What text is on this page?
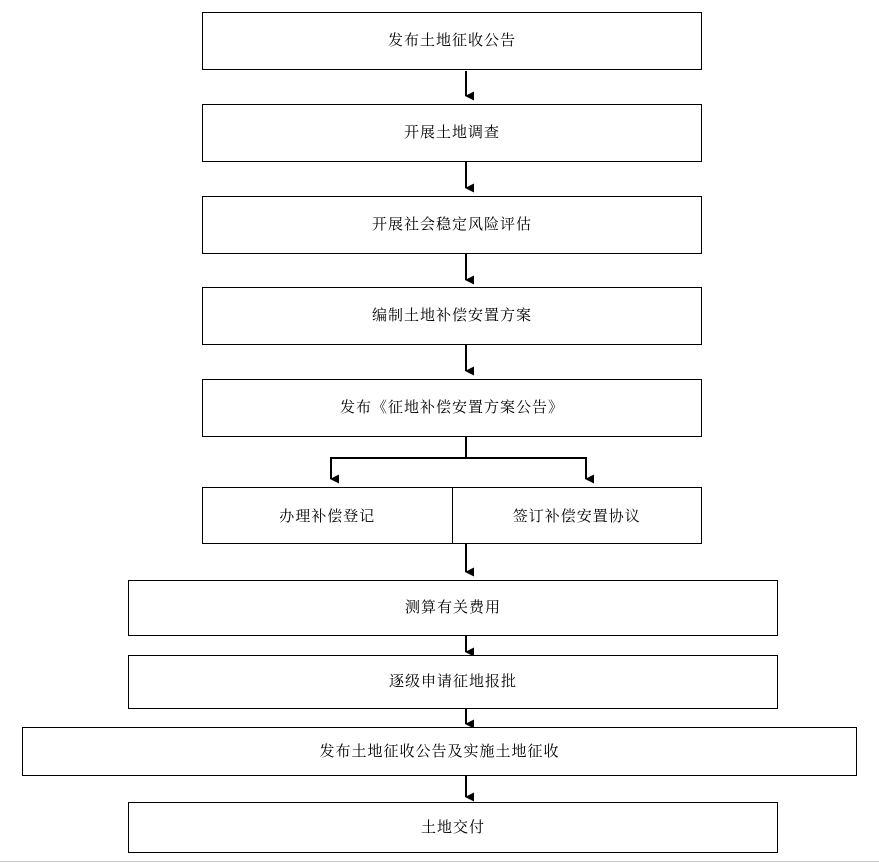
发布土地征收公告
开展土地调查
开展社会稳定风险评估
编制土地补偿安置方案
发布《征地补偿安置方案公告》
办理补偿登记	签订补偿安置协议
测算有关费用
逐级申请征地报批
发布土地征收公告及实施土地征收
土地交付
